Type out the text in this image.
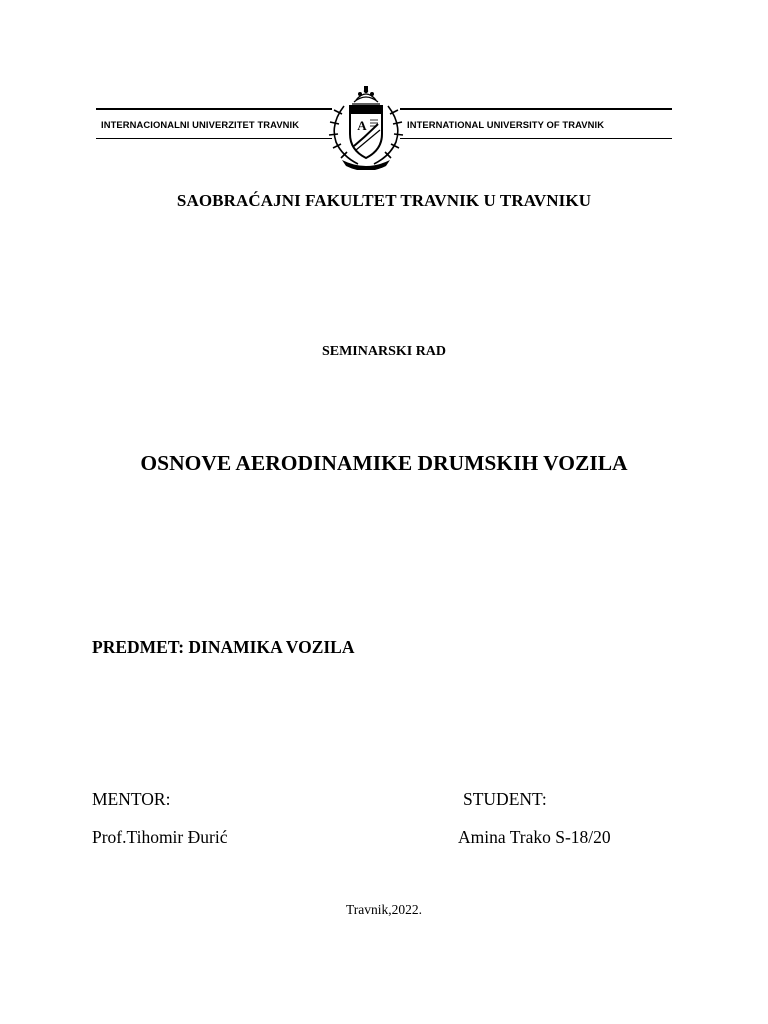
INTERNACIONALNI UNIVERZITET TRAVNIK	INTERNATIONAL UNIVERSITY OF TRAVNIK
A
SAOBRAĆAJNI FAKULTET TRAVNIK U TRAVNIKU
SEMINARSKI RAD
OSNOVE AERODINAMIKE DRUMSKIH VOZILA
PREDMET: DINAMIKA VOZILA
MENTOR:	STUDENT:
Prof.Tihomir Đurić	Amina Trako S-18/20
Travnik,2022.
